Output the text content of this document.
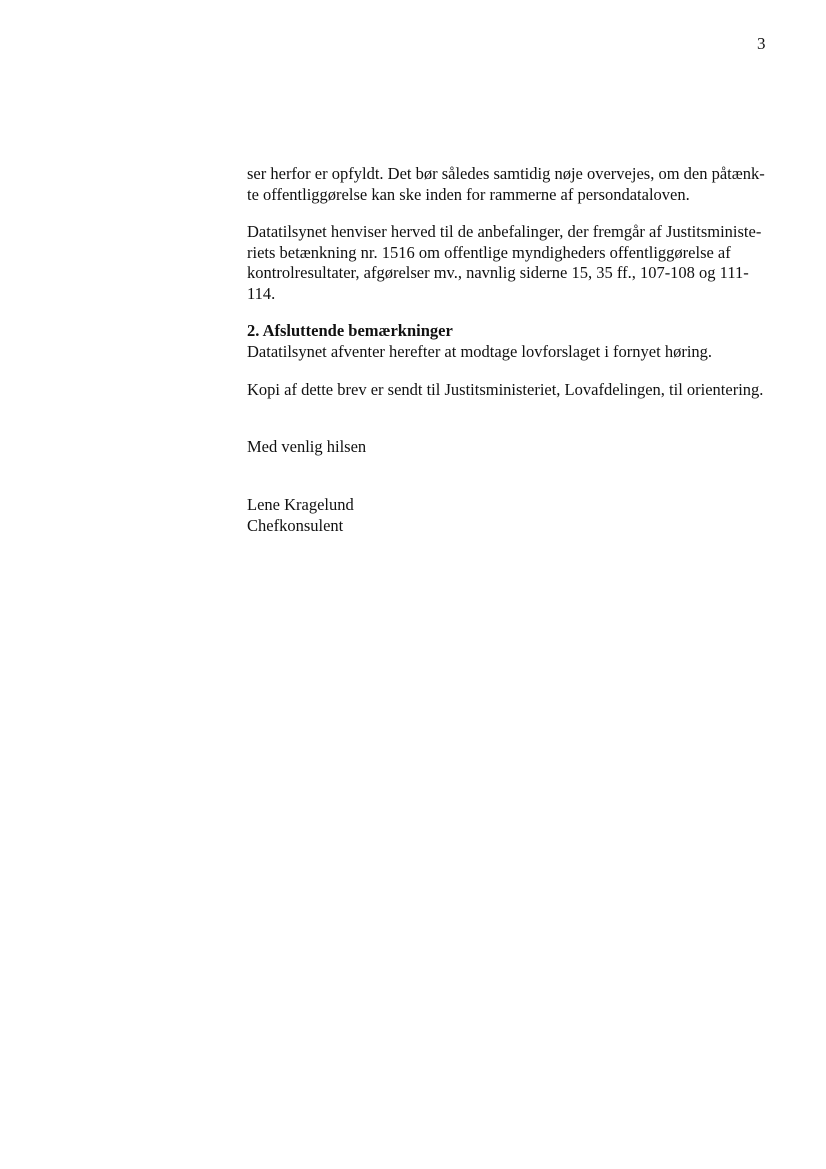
3
ser herfor er opfyldt. Det bør således samtidig nøje overvejes, om den påtænk-
te offentliggørelse kan ske inden for rammerne af persondataloven.
Datatilsynet henviser herved til de anbefalinger, der fremgår af Justitsministe-
riets betænkning nr. 1516 om offentlige myndigheders offentliggørelse af
kontrolresultater, afgørelser mv., navnlig siderne 15, 35 ff., 107-108 og 111-
114.
2. Afsluttende bemærkninger
Datatilsynet afventer herefter at modtage lovforslaget i fornyet høring.
Kopi af dette brev er sendt til Justitsministeriet, Lovafdelingen, til orientering.
Med venlig hilsen
Lene Kragelund
Chefkonsulent
